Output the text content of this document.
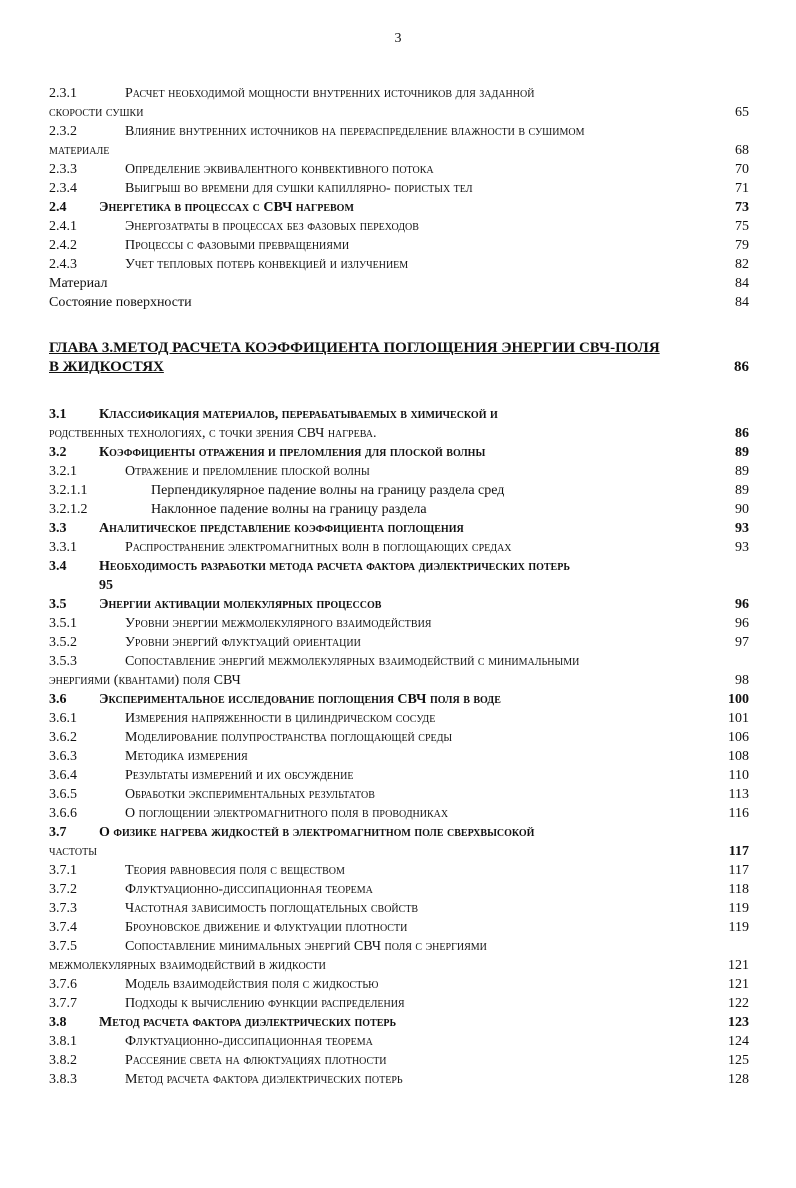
3
2.3.1	Расчет необходимой мощности внутренних источников для заданной
скорости сушки	65
2.3.2	Влияние внутренних источников на перераспределение влажности в сушимом
материале	68
2.3.3	Определение эквивалентного конвективного потока	70
2.3.4	Выигрыш во времени для сушки капиллярно- пористых тел	71
2.4 Энергетика в процессах с СВЧ нагревом	73
2.4.1	Энергозатраты в процессах без фазовых переходов	75
2.4.2	Процессы с фазовыми превращениями	79
2.4.3	Учет тепловых потерь конвекцией и излучением	82
Материал	84
Состояние поверхности	84
ГЛАВА 3.МЕТОД РАСЧЕТА КОЭФФИЦИЕНТА ПОГЛОЩЕНИЯ ЭНЕРГИИ СВЧ-ПОЛЯ
В ЖИДКОСТЯХ	86
3.1 Классификация материалов, перерабатываемых в химической и
родственных технологиях, с точки зрения СВЧ нагрева.	86
3.2 Коэффициенты отражения и преломления для плоской волны	89
3.2.1	Отражение и преломление плоской волны	89
3.2.1.1	Перпендикулярное падение волны на границу раздела сред	89
3.2.1.2	Наклонное падение волны на границу раздела	90
3.3 Аналитическое представление коэффициента поглощения	93
3.3.1	Распространение электромагнитных волн в поглощающих средах	93
3.4 Необходимость разработки метода расчета фактора диэлектрических потерь
95
3.5 Энергии активации молекулярных процессов	96
3.5.1	Уровни энергии межмолекулярного взаимодействия	96
3.5.2	Уровни энергий флуктуаций ориентации	97
3.5.3	Сопоставление энергий межмолекулярных взаимодействий с минимальными
энергиями (квантами) поля СВЧ	98
3.6 Экспериментальное исследование поглощения СВЧ поля в воде	100
3.6.1	Измерения напряженности в цилиндрическом сосуде	101
3.6.2	Моделирование полупространства поглощающей среды	106
3.6.3	Методика измерения	108
3.6.4	Результаты измерений и их обсуждение	110
3.6.5	Обработки экспериментальных результатов	113
3.6.6	О поглощении электромагнитного поля в проводниках	116
3.7 О физике нагрева жидкостей в электромагнитном поле сверхвысокой
частоты	117
3.7.1	Теория равновесия поля с веществом	117
3.7.2	Флуктуационно-диссипационная теорема	118
3.7.3	Частотная зависимость поглощательных свойств	119
3.7.4	Броуновское движение и флуктуации плотности	119
3.7.5	Сопоставление минимальных энергий СВЧ поля с энергиями
межмолекулярных взаимодействий в жидкости	121
3.7.6	Модель взаимодействия поля с жидкостью	121
3.7.7	Подходы к вычислению функции распределения	122
3.8 Метод расчета фактора диэлектрических потерь	123
3.8.1	Флуктуационно-диссипационная теорема	124
3.8.2	Рассеяние света на флюктуациях плотности	125
3.8.3	Метод расчета фактора диэлектрических потерь	128
